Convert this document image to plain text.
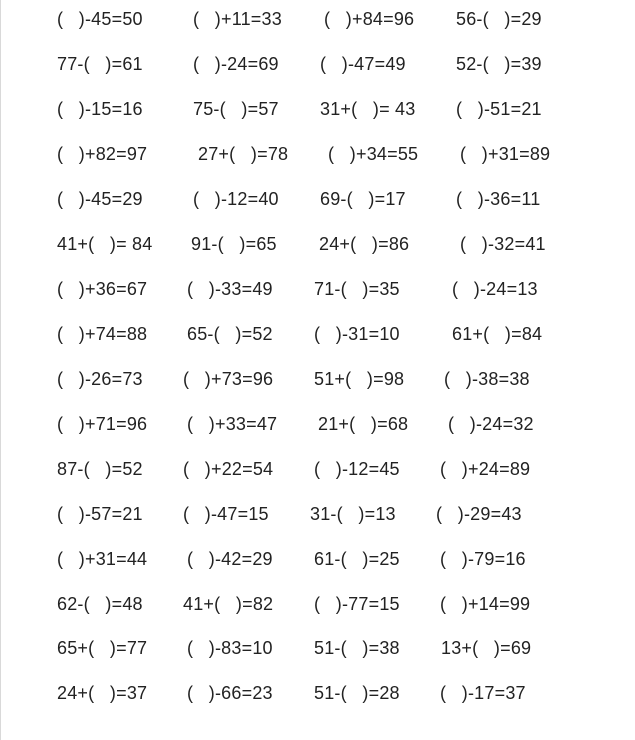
(   )-45=50	(   )+11=33 (   )+84=96 56-(   )=29
77-(   )=61	(   )-24=69 (   )-47=49	52-(   )=39
(   )-15=16	75-(   )=57 31+(   )= 43 (   )-51=21
(   )+82=97	27+(   )=78 (   )+34=55 (   )+31=89
(   )-45=29	(   )-12=40 69-(   )=17	(   )-36=11
41+(   )= 84 91-(   )=65 24+(   )=86	(   )-32=41
(   )+36=67 (   )-33=49 71-(   )=35	(   )-24=13
(   )+74=88 65-(   )=52 (   )-31=10	61+(   )=84
(   )-26=73 (   )+73=96 51+(   )=98 (   )-38=38
(   )+71=96 (   )+33=47 21+(   )=68 (   )-24=32
87-(   )=52 (   )+22=54 (   )-12=45 (   )+24=89
(   )-57=21 (   )-47=15 31-(   )=13 (   )-29=43
(   )+31=44 (   )-42=29 61-(   )=25 (   )-79=16
62-(   )=48 41+(   )=82 (   )-77=15 (   )+14=99
65+(   )=77 (   )-83=10 51-(   )=38 13+(   )=69
24+(   )=37 (   )-66=23 51-(   )=28 (   )-17=37
